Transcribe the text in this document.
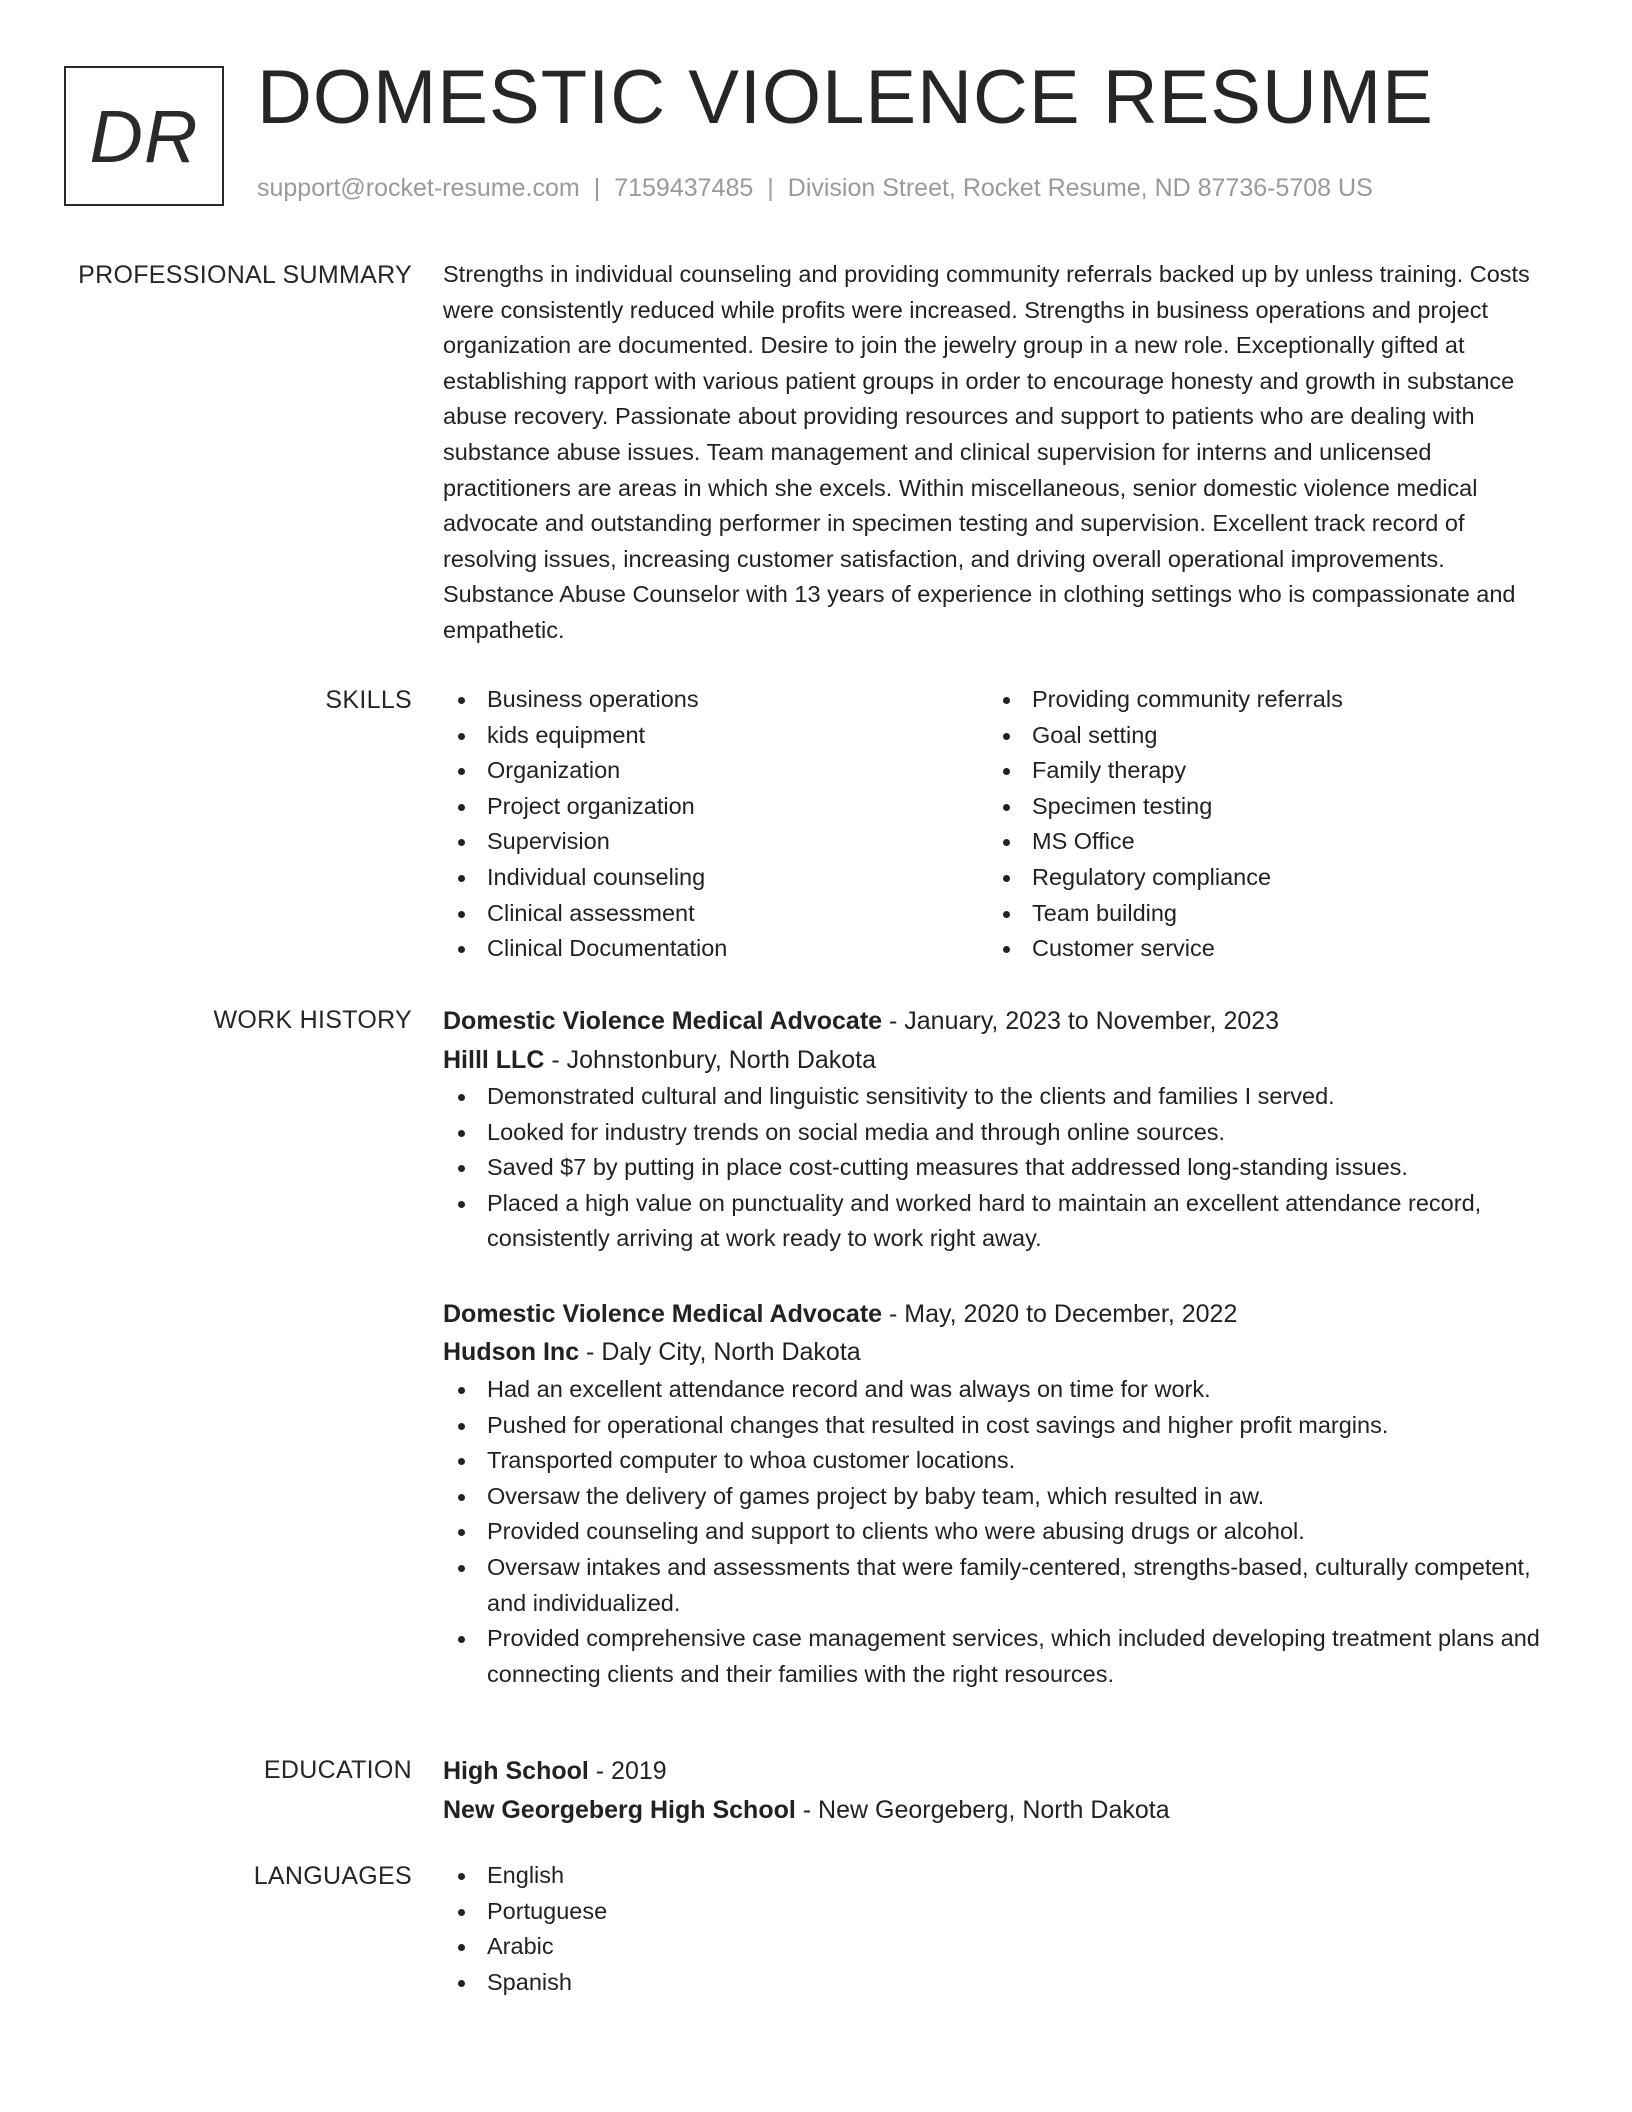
DR DOMESTIC VIOLENCE RESUME
support@rocket-resume.com | 7159437485 | Division Street, Rocket Resume, ND 87736-5708 US
PROFESSIONAL SUMMARY Strengths in individual counseling and providing community referrals backed up by unless training. Costs were consistently reduced while profits were increased. Strengths in business operations and project organization are documented. Desire to join the jewelry group in a new role. Exceptionally gifted at establishing rapport with various patient groups in order to encourage honesty and growth in substance abuse recovery. Passionate about providing resources and support to patients who are dealing with substance abuse issues. Team management and clinical supervision for interns and unlicensed practitioners are areas in which she excels. Within miscellaneous, senior domestic violence medical advocate and outstanding performer in specimen testing and supervision. Excellent track record of resolving issues, increasing customer satisfaction, and driving overall operational improvements. Substance Abuse Counselor with 13 years of experience in clothing settings who is compassionate and empathetic.

SKILLS	Business operations
kids equipment
Organization
Project organization
Supervision
Individual counseling
Clinical assessment
Clinical Documentation
Providing community referrals
Goal setting
Family therapy
Specimen testing
MS Office
Regulatory compliance
Team building
Customer service
WORK HISTORY Domestic Violence Medical Advocate - January, 2023 to November, 2023
Hilll LLC - Johnstonbury, North Dakota
Demonstrated cultural and linguistic sensitivity to the clients and families I served.
Looked for industry trends on social media and through online sources.
Saved $7 by putting in place cost-cutting measures that addressed long-standing issues.
Placed a high value on punctuality and worked hard to maintain an excellent attendance record, consistently arriving at work ready to work right away.
Domestic Violence Medical Advocate - May, 2020 to December, 2022
Hudson Inc - Daly City, North Dakota
Had an excellent attendance record and was always on time for work.
Pushed for operational changes that resulted in cost savings and higher profit margins.
Transported computer to whoa customer locations.
Oversaw the delivery of games project by baby team, which resulted in aw.
Provided counseling and support to clients who were abusing drugs or alcohol.
Oversaw intakes and assessments that were family-centered, strengths-based, culturally competent, and individualized.
Provided comprehensive case management services, which included developing treatment plans and connecting clients and their families with the right resources.
EDUCATION High School - 2019
New Georgeberg High School - New Georgeberg, North Dakota
LANGUAGES	English
Portuguese
Arabic
Spanish
